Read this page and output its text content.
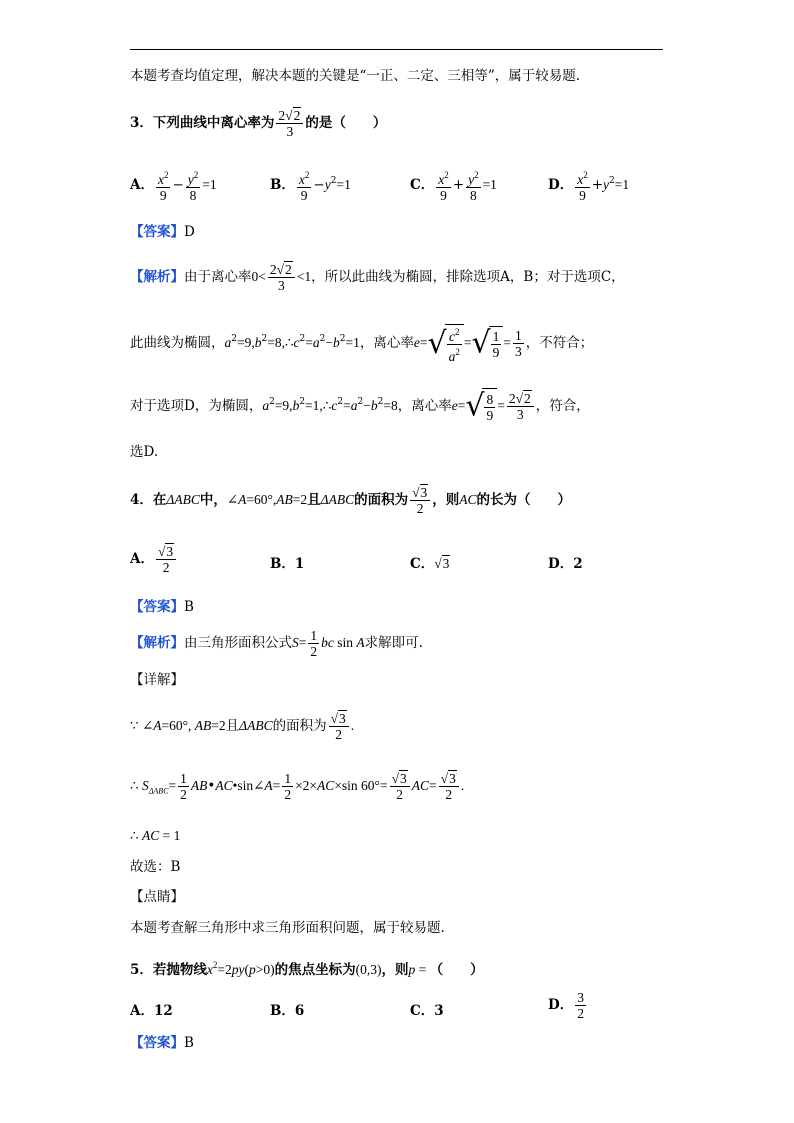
本题考查均值定理，解决本题的关键是“一正、二定、三相等”，属于较易题.
3．下列曲线中离心率为 $\frac{2√2}{3}$ 的是（　　）
A． $\frac{x^2}{9} - \frac{y^2}{8} =1$	B． $\frac{x^2}{9} -y^2=1$	C． $\frac{x^2}{9} + \frac{y^2}{8} =1$	D． $\frac{x^2}{9} +y^2=1$
【答案】D
【解析】由于离心率$0< \frac{2√2}{3} <1$，所以此曲线为椭圆，排除选项A，B；对于选项C，
此曲线为椭圆，$a^2=9,b^2=8,\therefore c^2=a^2-b^2=1$，离心率$e=√ \frac{c^2}{a^2}$ =√ $\frac{1}{9} = \frac{1}{3}$ ，不符合；
对于选项D，为椭圆，$a^2=9,b^2=1,\therefore c^2=a^2-b^2=8$，离心率$e=√ \frac{8}{9} = \frac{2√2}{3}$ ，符合，
选D.
4．在ΔABC中，∠A=60°,AB=2且ΔABC的面积为 $\frac{√3}{2}$ ，则AC的长为（　　）
A． $\frac{√3}{2}$	B．1	C．√3	D．2
【答案】B
【解析】由三角形面积公式$S= \frac{1}{2}$ bc sin A求解即可.
【详解】
∵ ∠A=60°, AB=2且ΔABC的面积为 $\frac{√3}{2}$ .
∴ $S_{\Delta ABC}= \frac{1}{2}$ AB•AC•sin∠A= $\frac{1}{2} \times 2\times AC\times\sin$ $60^\circ= \frac{√3}{2} AC= \frac{√3}{2}$ .
∴ AC = 1
故选：B
【点睛】
本题考查解三角形中求三角形面积问题，属于较易题.
5．若抛物线$x^2=2py(p>0)$的焦点坐标为(0,3)，则p = （　　）
A．12	B．6	C．3	D． $\frac{3}{2}$
【答案】B
